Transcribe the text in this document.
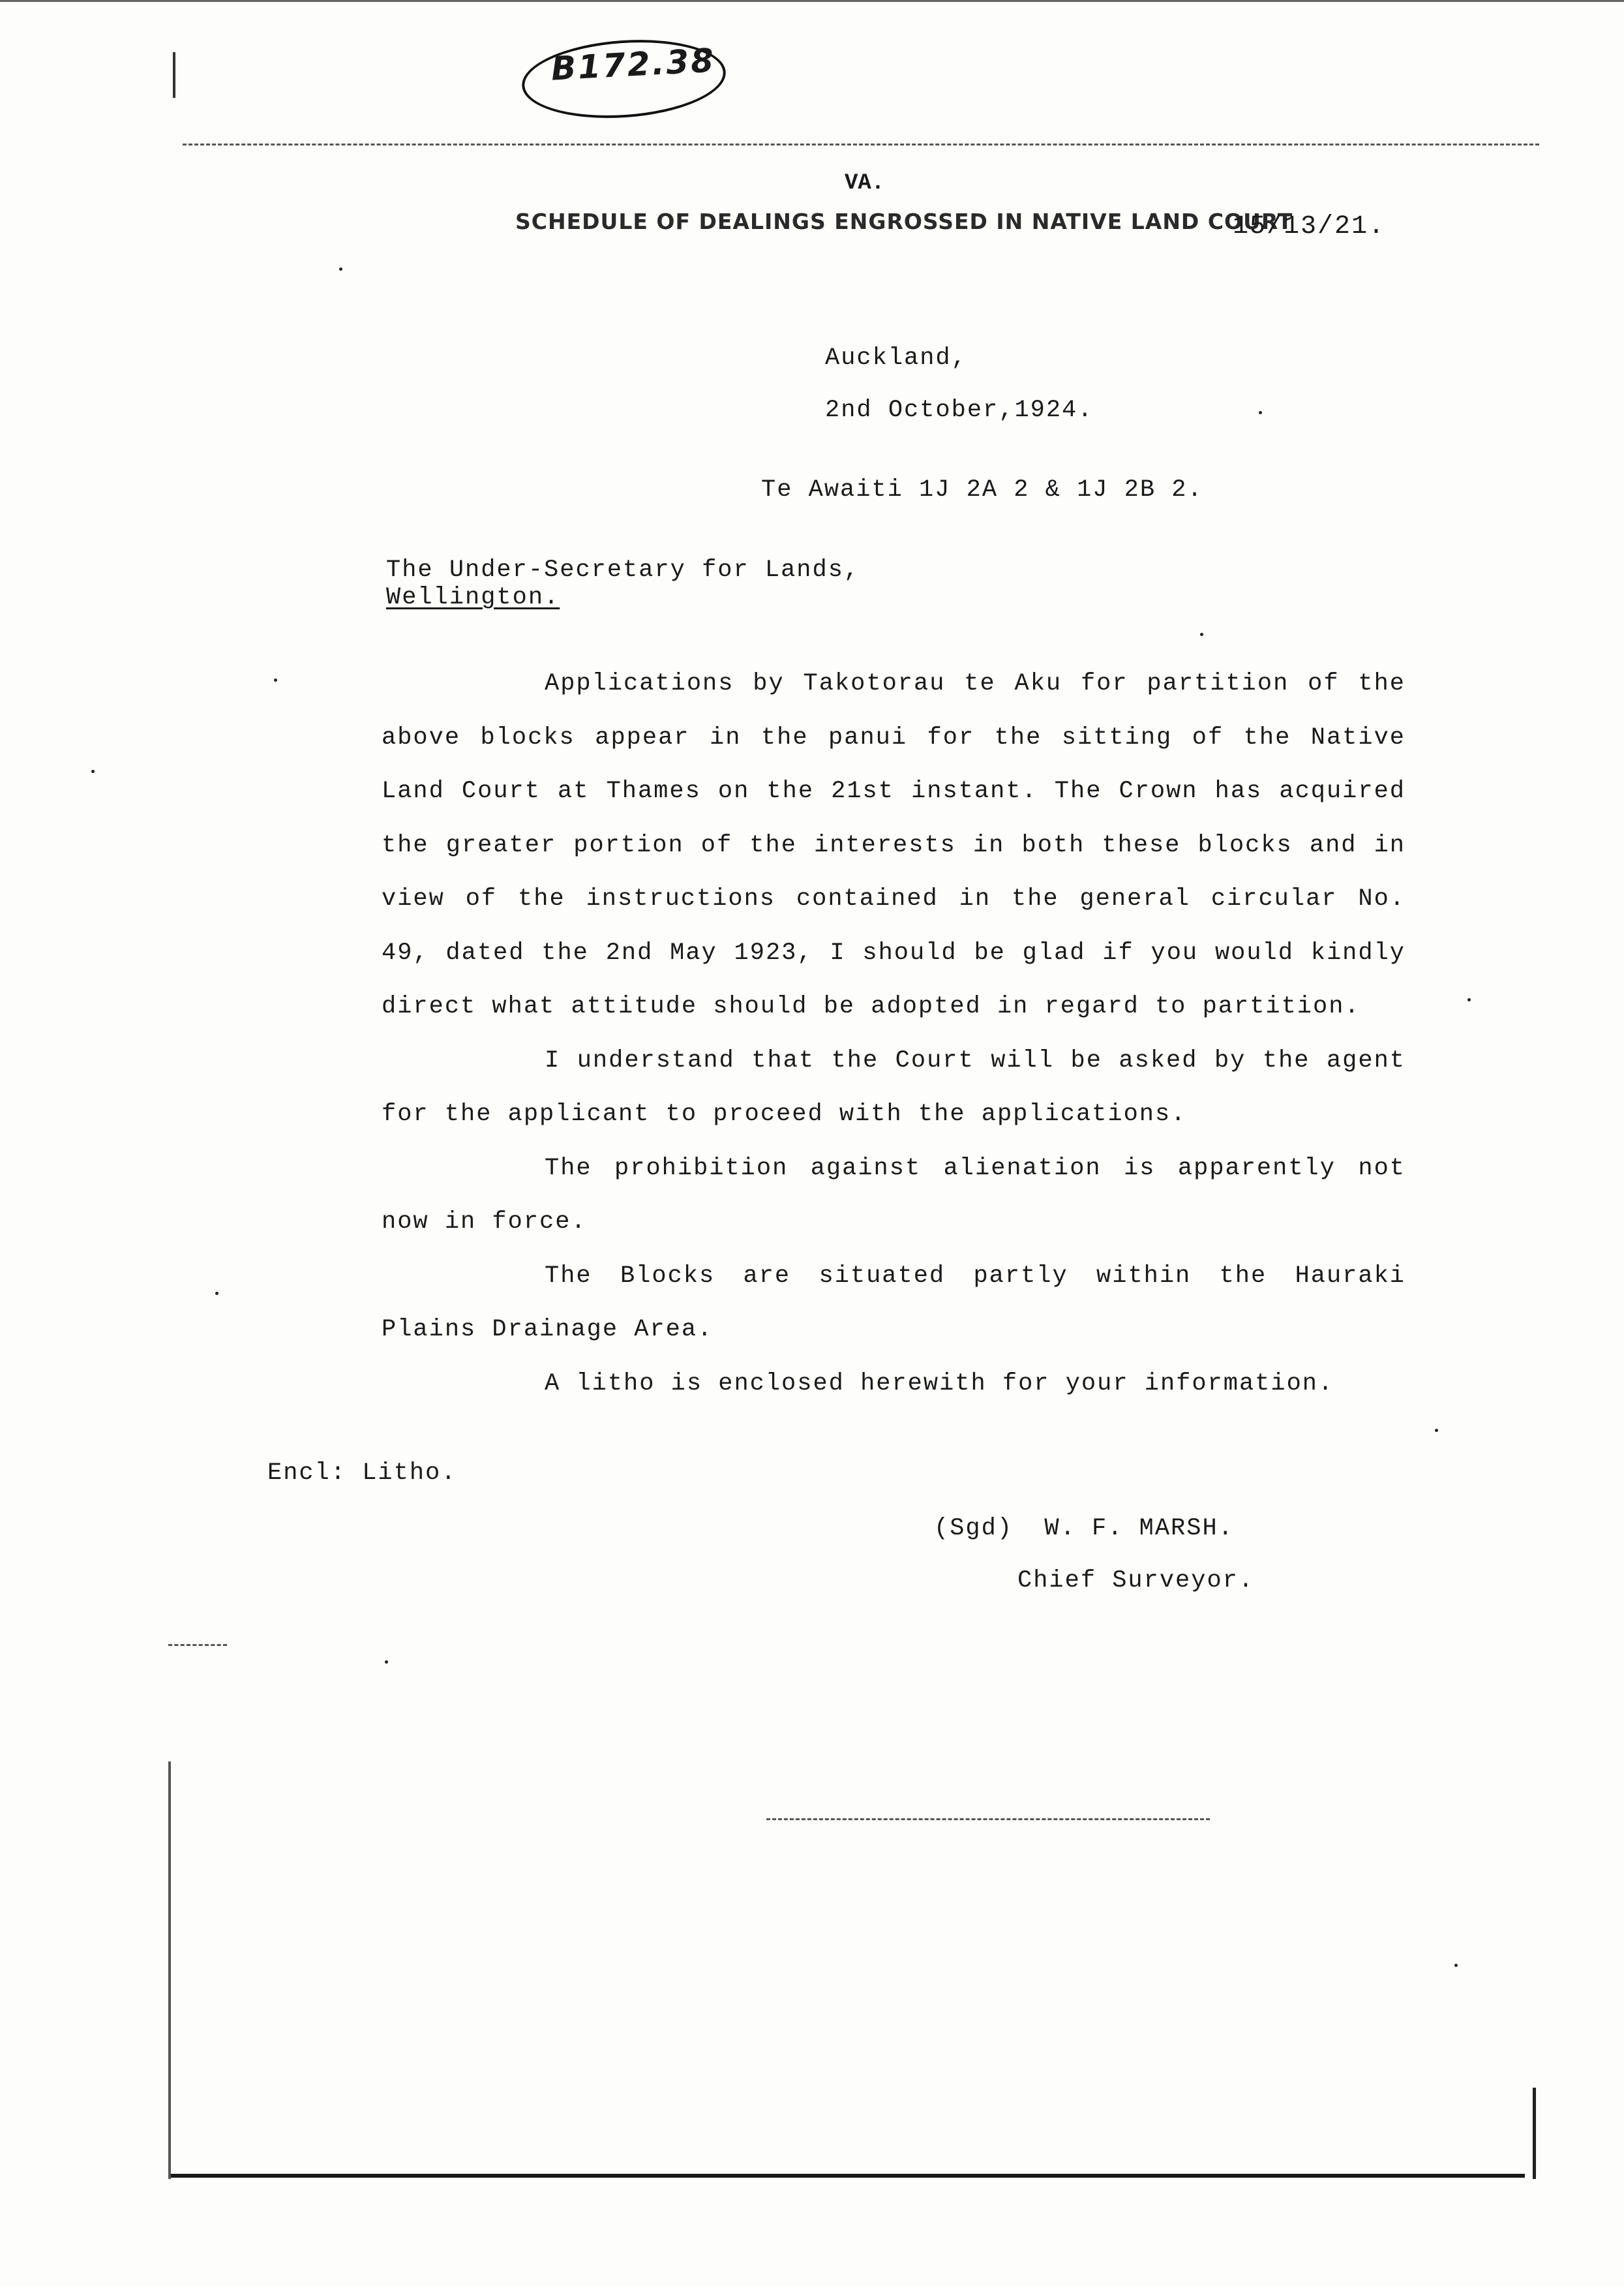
B172.38
VA.
SCHEDULE OF DEALINGS ENGROSSED IN NATIVE LAND COURT
15/13/21.
Auckland,
2nd October,1924.
Te Awaiti 1J 2A 2 & 1J 2B 2.
The Under-Secretary for Lands,
Wellington.

Applications by Takotorau te Aku for partition of the above blocks appear in the panui for the sitting of the Native Land Court at Thames on the 21st instant. The Crown has acquired the greater portion of the interests in both these blocks and in view of the instructions contained in the general circular No. 49, dated the 2nd May 1923, I should be glad if you would kindly direct what attitude should be adopted in regard to partition.

I understand that the Court will be asked by the agent for the applicant to proceed with the applications.

The prohibition against alienation is apparently not now in force.

The Blocks are situated partly within the Hauraki Plains Drainage Area.

A litho is enclosed herewith for your information.

Encl: Litho.
(Sgd)  W. F. MARSH.
Chief Surveyor.
